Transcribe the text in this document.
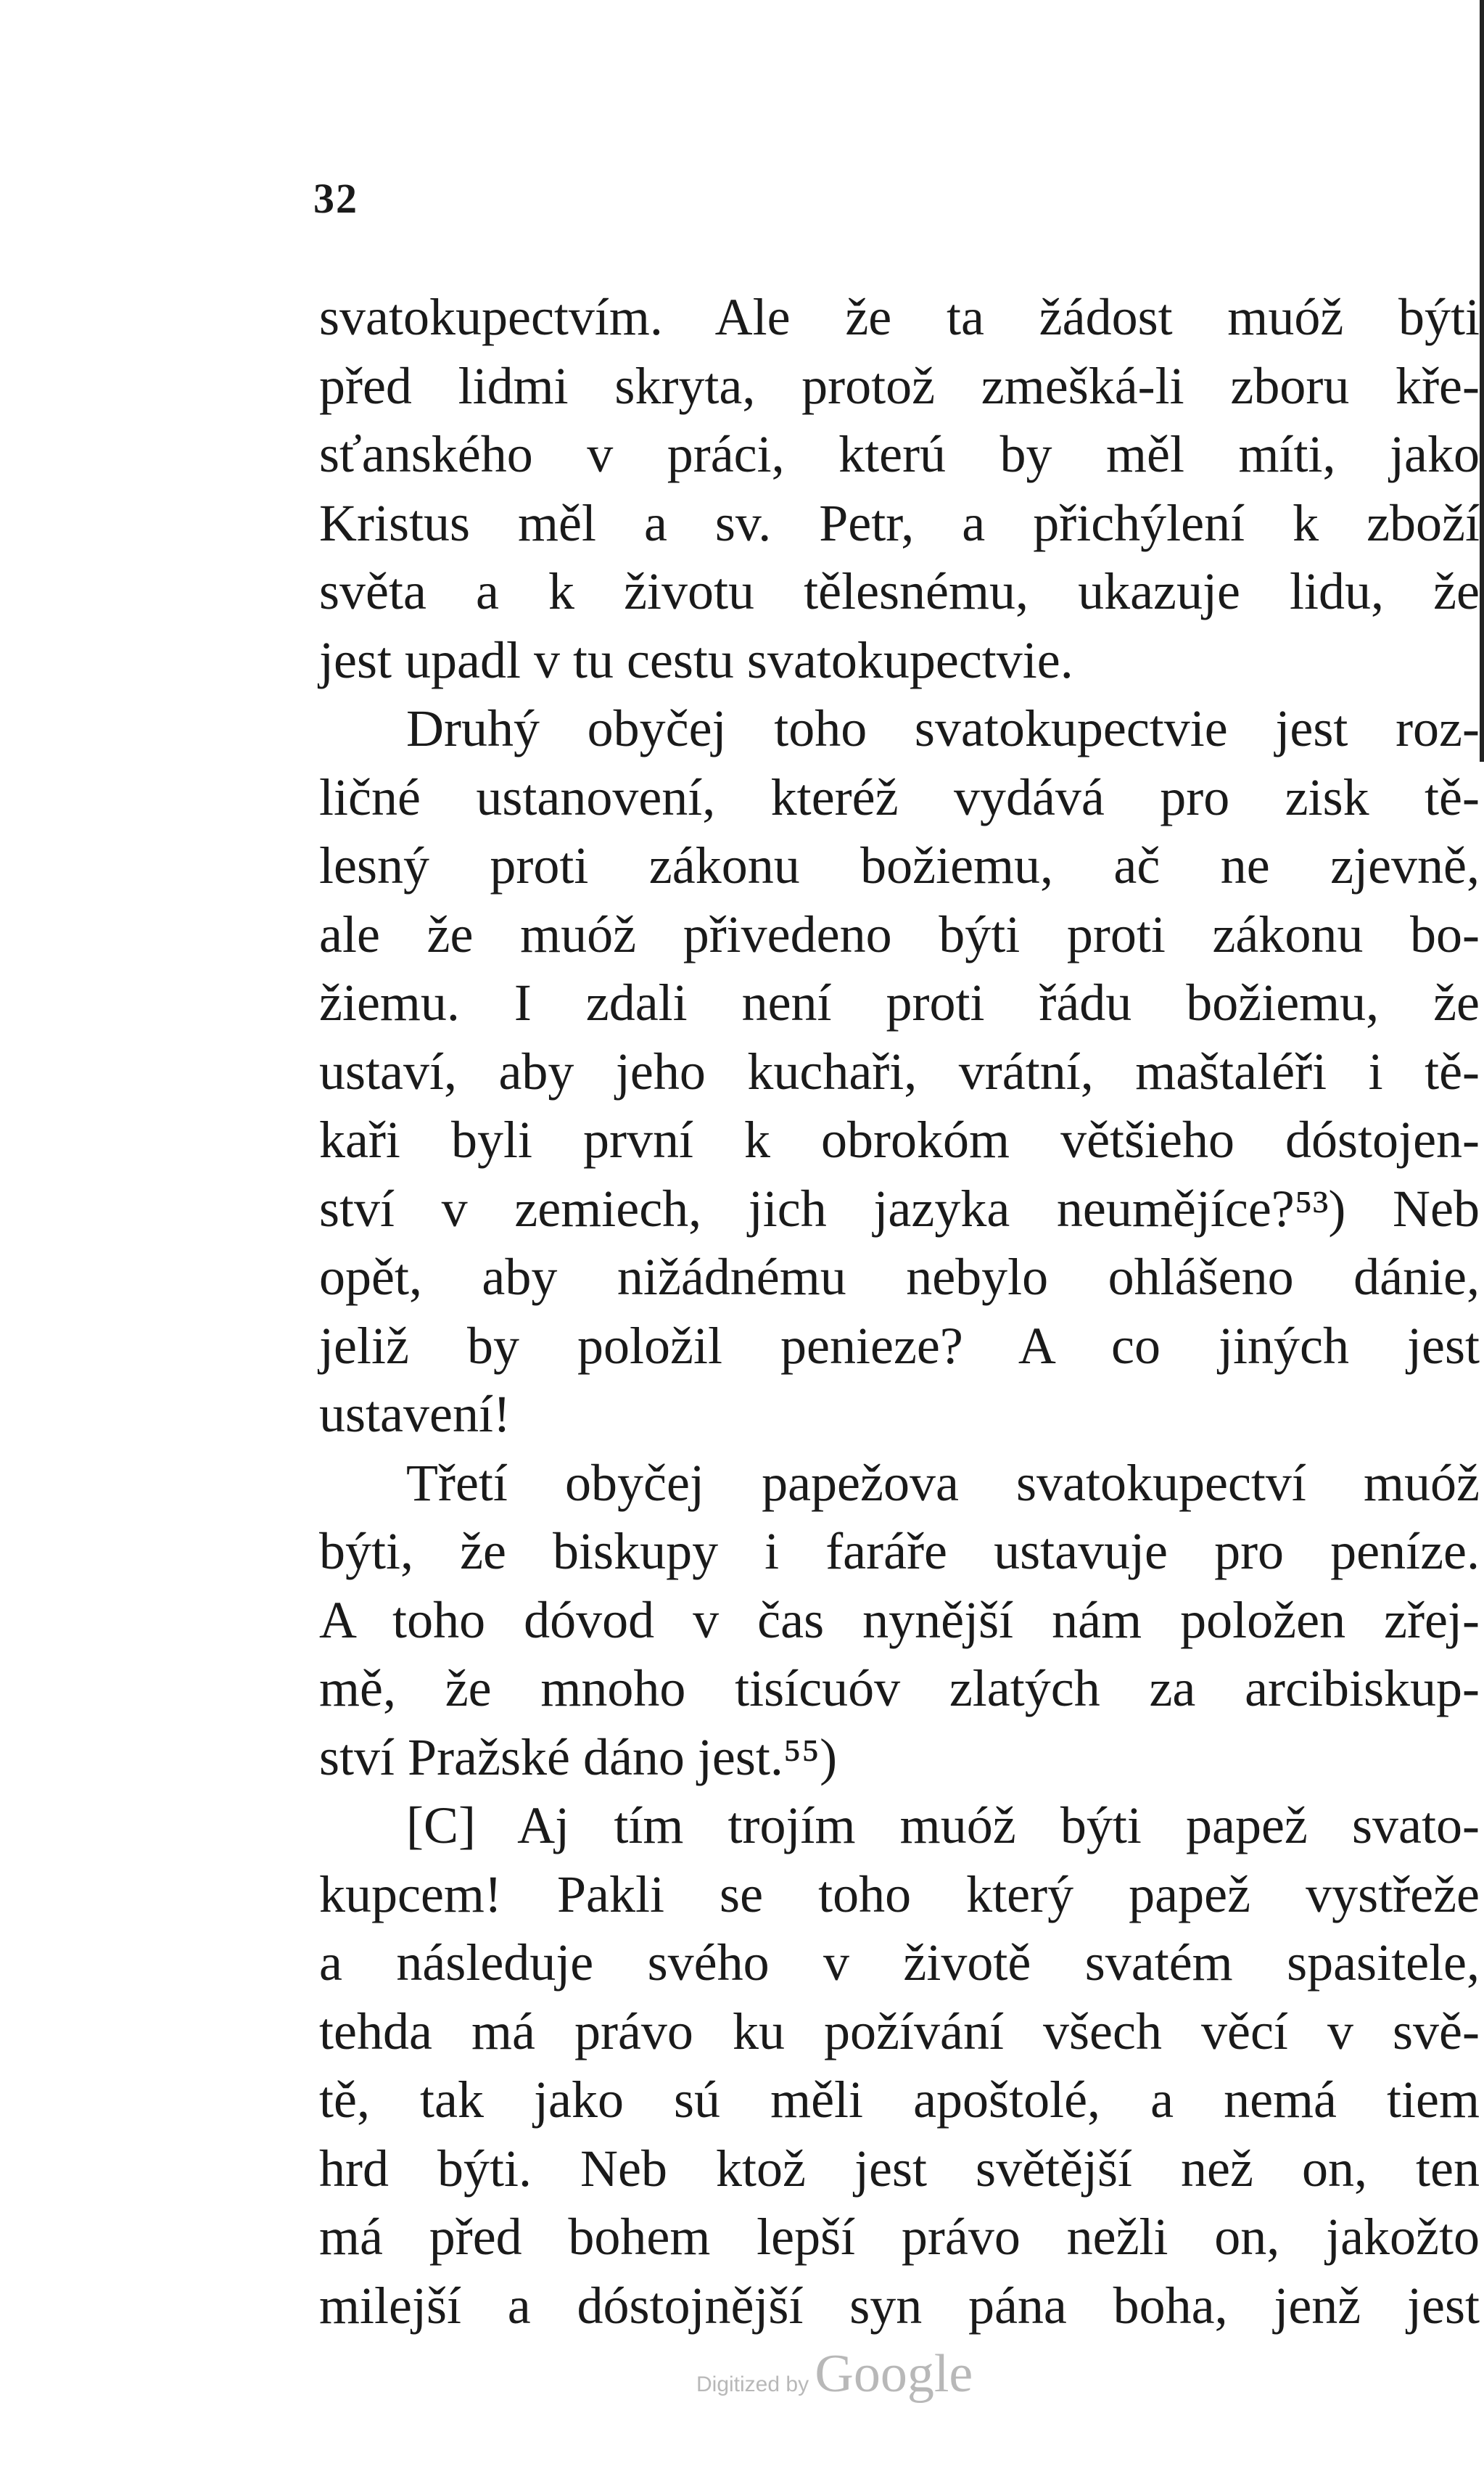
32
svatokupectvím. Ale že ta žádost muóž býti
před lidmi skryta, protož zmešká-li zboru kře-
sťanského v práci, kterú by měl míti, jako
Kristus měl a sv. Petr, a přichýlení k zboží
světa a k životu tělesnému, ukazuje lidu, že
jest upadl v tu cestu svatokupectvie.
Druhý obyčej toho svatokupectvie jest roz-
ličné ustanovení, kteréž vydává pro zisk tě-
lesný proti zákonu božiemu, ač ne zjevně,
ale že muóž přivedeno býti proti zákonu bo-
žiemu. I zdali není proti řádu božiemu, že
ustaví, aby jeho kuchaři, vrátní, maštaléři i tě-
kaři byli první k obrokóm většieho dóstojen-
ství v zemiech, jich jazyka neumějíce?⁵³) Neb
opět, aby nižádnému nebylo ohlášeno dánie,
jeliž by položil penieze? A co jiných jest
ustavení!
Třetí obyčej papežova svatokupectví muóž
býti, že biskupy i faráře ustavuje pro peníze.
A toho dóvod v čas nynější nám položen zřej-
mě, že mnoho tisícuóv zlatých za arcibiskup-
ství Pražské dáno jest.⁵⁵)
[C] Aj tím trojím muóž býti papež svato-
kupcem! Pakli se toho který papež vystřeže
a následuje svého v životě svatém spasitele,
tehda má právo ku požívání všech věcí v svě-
tě, tak jako sú měli apoštolé, a nemá tiem
hrd býti. Neb ktož jest světější než on, ten
má před bohem lepší právo nežli on, jakožto
milejší a dóstojnější syn pána boha, jenž jest
Digitized by Google
